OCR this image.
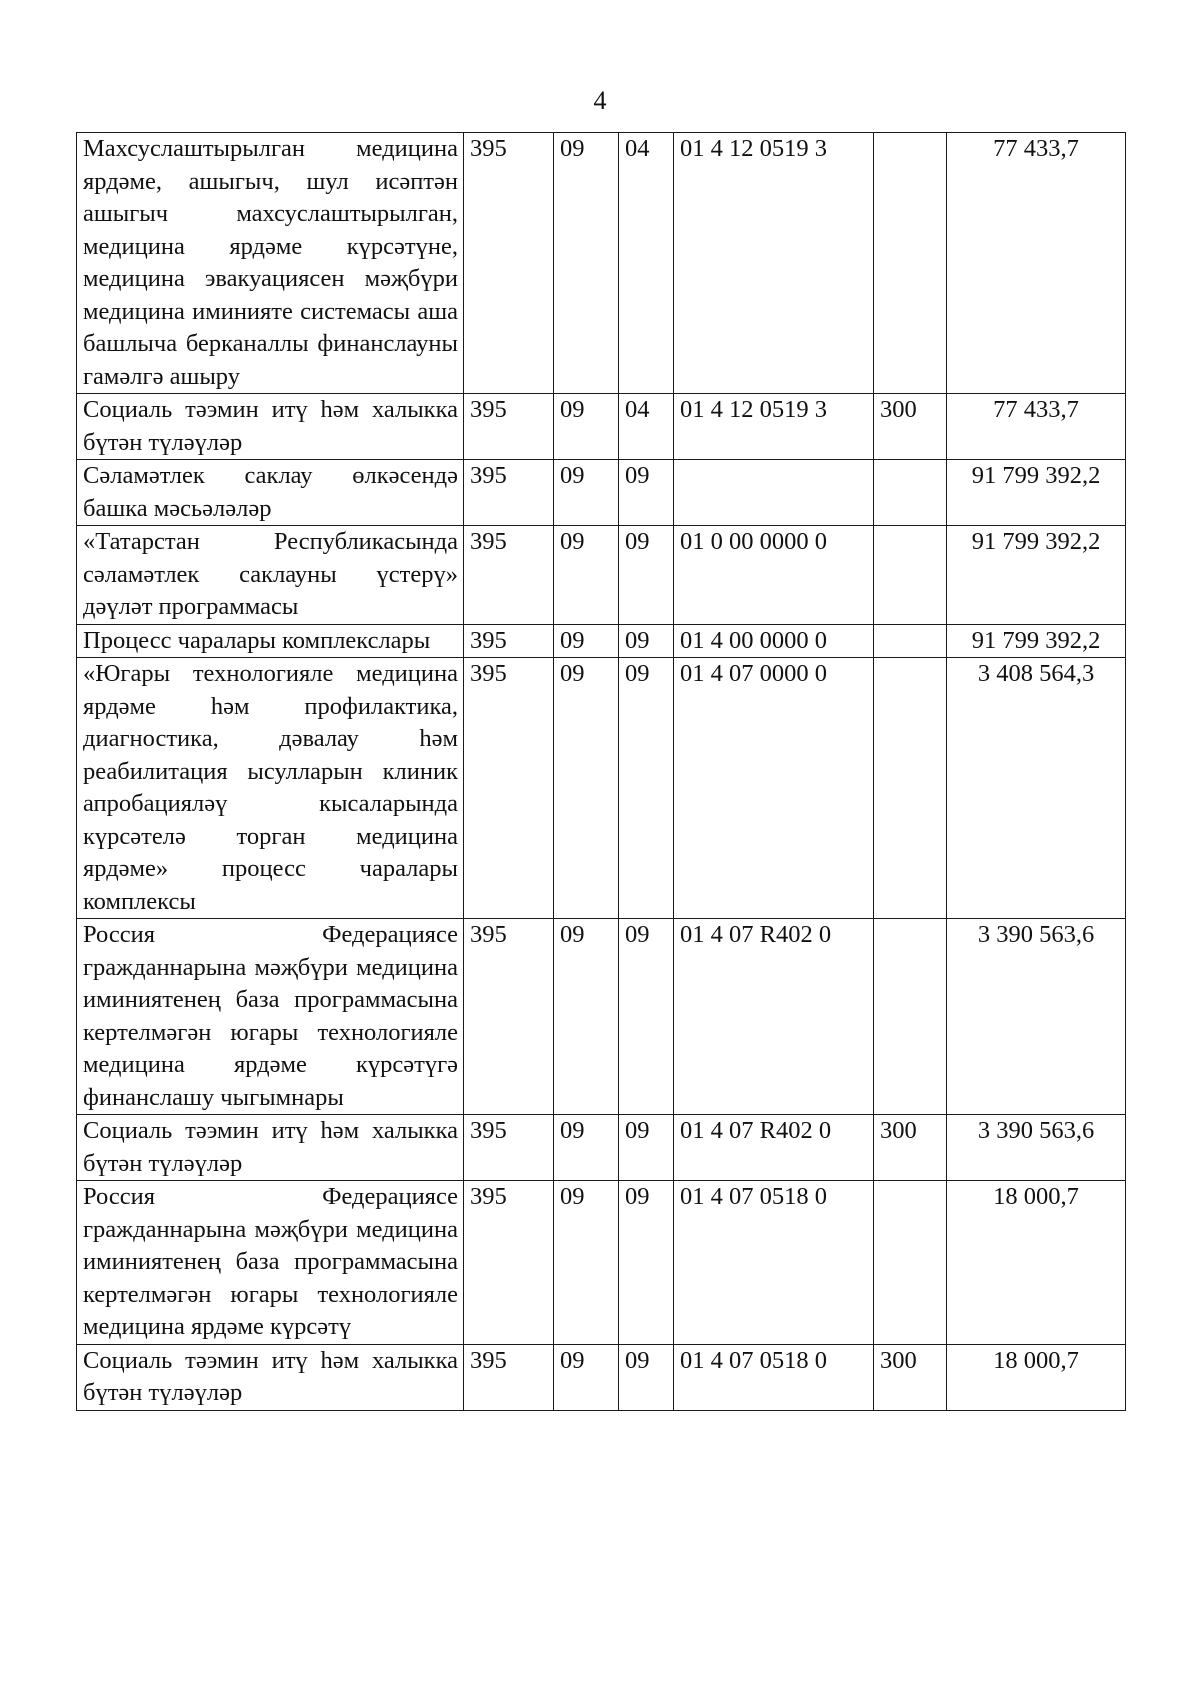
4
Махсуслаштырылган медицина ярдәме, ашыгыч, шул исәптән ашыгыч махсуслаштырылган, медицина ярдәме күрсәтүне, медицина эвакуациясен мәҗбүри медицина иминияте системасы аша башлыча берканаллы финанслауны гамәлгә ашыру	395	09	04	01 4 12 0519 3		77 433,7
Социаль тәэмин итү һәм халыкка бүтән түләүләр	395	09	04	01 4 12 0519 3	300	77 433,7
Сәламәтлек саклау өлкәсендә башка мәсьәләләр	395	09	09			91 799 392,2
«Татарстан Республикасында сәламәтлек саклауны үстерү» дәүләт программасы	395	09	09	01 0 00 0000 0		91 799 392,2
Процесс чаралары комплекслары	395	09	09	01 4 00 0000 0		91 799 392,2
«Югары технологияле медицина ярдәме һәм профилактика, диагностика, дәвалау һәм реабилитация ысулларын клиник апробацияләү кысаларында күрсәтелә торган медицина ярдәме» процесс чаралары комплексы	395	09	09	01 4 07 0000 0		3 408 564,3
Россия Федерациясе гражданнарына мәҗбүри медицина иминиятенең база программасына кертелмәгән югары технологияле медицина ярдәме күрсәтүгә финанслашу чыгымнары	395	09	09	01 4 07 R402 0		3 390 563,6
Социаль тәэмин итү һәм халыкка бүтән түләүләр	395	09	09	01 4 07 R402 0	300	3 390 563,6
Россия Федерациясе гражданнарына мәҗбүри медицина иминиятенең база программасына кертелмәгән югары технологияле медицина ярдәме күрсәтү	395	09	09	01 4 07 0518 0		18 000,7
Социаль тәэмин итү һәм халыкка бүтән түләүләр	395	09	09	01 4 07 0518 0	300	18 000,7
